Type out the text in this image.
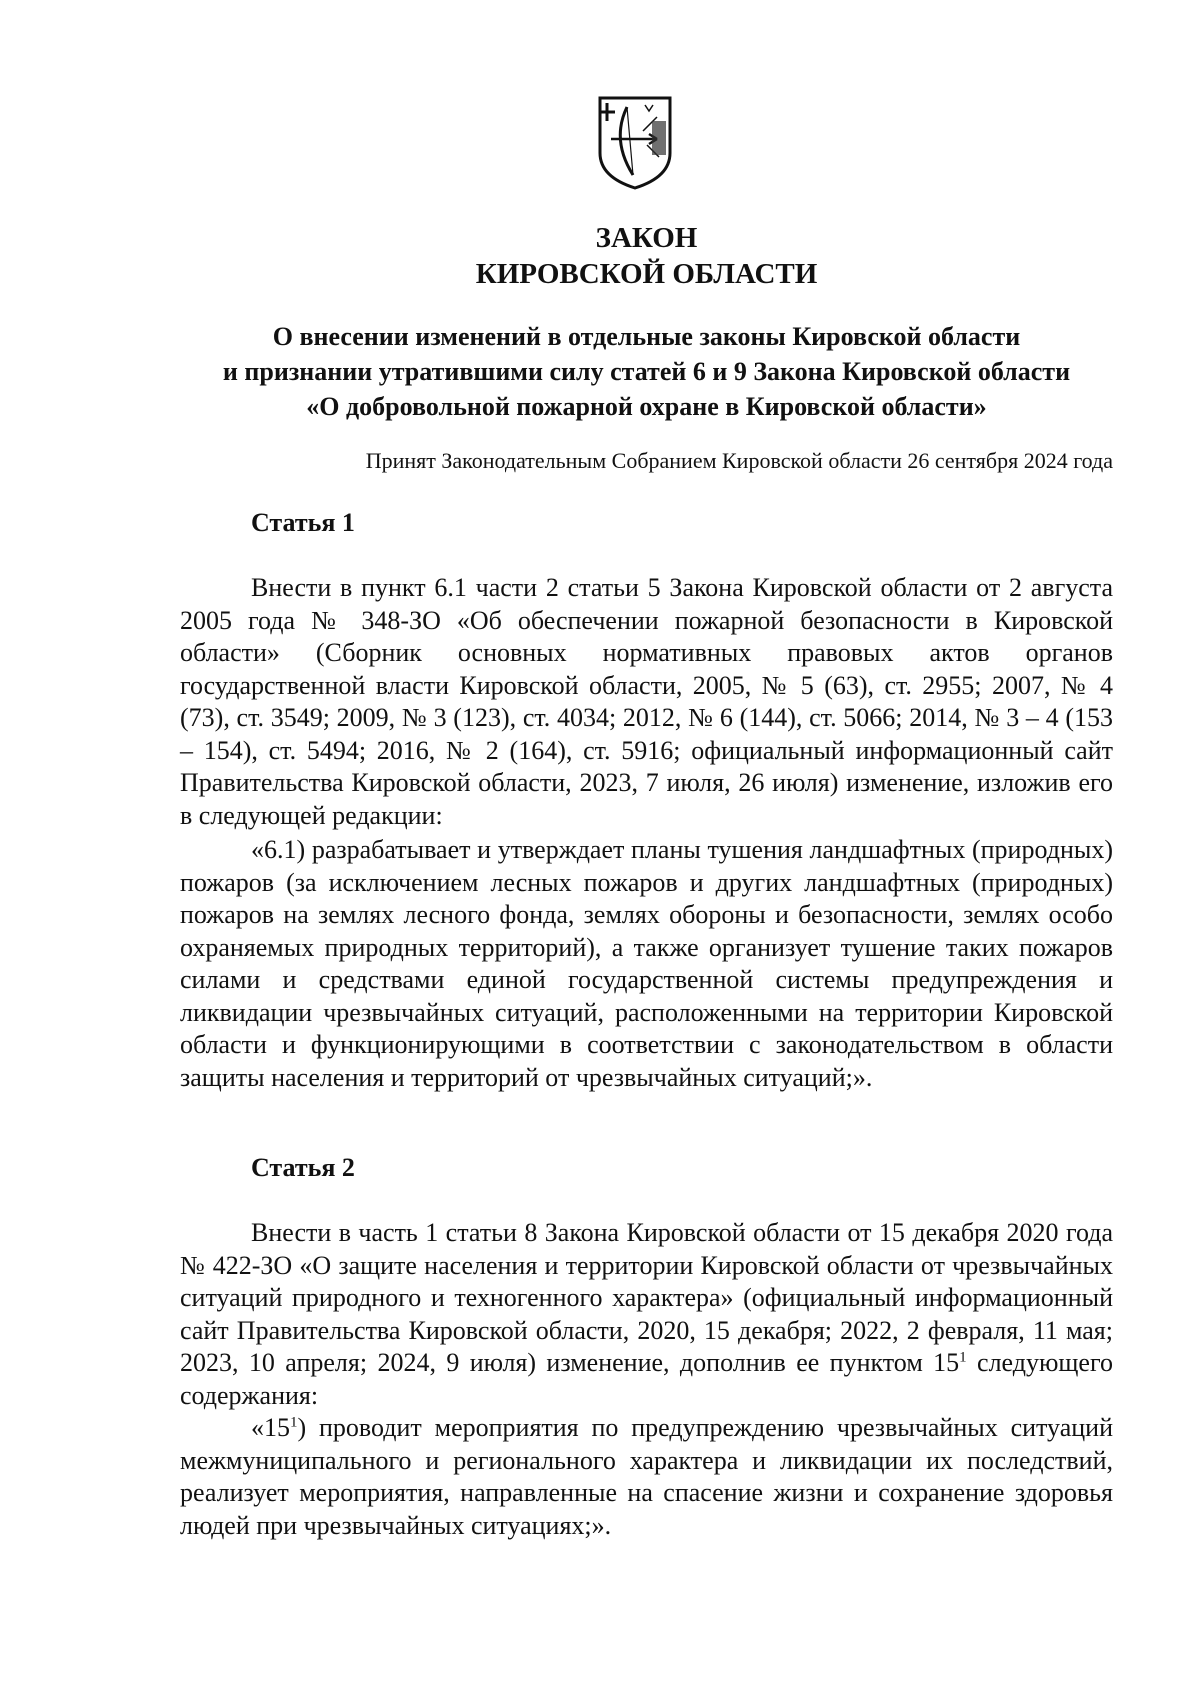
ЗАКОН
КИРОВСКОЙ ОБЛАСТИ
О внесении изменений в отдельные законы Кировской области
и признании утратившими силу статей 6 и 9 Закона Кировской области
«О добровольной пожарной охране в Кировской области»
Принят Законодательным Собранием Кировской области 26 сентября 2024 года
Статья 1

Внести в пункт 6.1 части 2 статьи 5 Закона Кировской области от 2 августа 2005 года № 348-ЗО «Об обеспечении пожарной безопасности в Кировской области» (Сборник основных нормативных правовых актов органов государственной власти Кировской области, 2005, № 5 (63), ст. 2955; 2007, № 4 (73), ст. 3549; 2009, № 3 (123), ст. 4034; 2012, № 6 (144), ст. 5066; 2014, № 3 – 4 (153 – 154), ст. 5494; 2016, № 2 (164), ст. 5916; официальный информационный сайт Правительства Кировской области, 2023, 7 июля, 26 июля) изменение, изложив его в следующей редакции:

«6.1) разрабатывает и утверждает планы тушения ландшафтных (природных) пожаров (за исключением лесных пожаров и других ландшафтных (природных) пожаров на землях лесного фонда, землях обороны и безопасности, землях особо охраняемых природных территорий), а также организует тушение таких пожаров силами и средствами единой государственной системы предупреждения и ликвидации чрезвычайных ситуаций, расположенными на территории Кировской области и функционирующими в соответствии с законодательством в области защиты населения и территорий от чрезвычайных ситуаций;».

Статья 2

Внести в часть 1 статьи 8 Закона Кировской области от 15 декабря 2020 года № 422-ЗО «О защите населения и территории Кировской области от чрезвычайных ситуаций природного и техногенного характера» (официальный информационный сайт Правительства Кировской области, 2020, 15 декабря; 2022, 2 февраля, 11 мая; 2023, 10 апреля; 2024, 9 июля) изменение, дополнив ее пунктом $15^1$ следующего содержания:

«$15^1$) проводит мероприятия по предупреждению чрезвычайных ситуаций межмуниципального и регионального характера и ликвидации их последствий, реализует мероприятия, направленные на спасение жизни и сохранение здоровья людей при чрезвычайных ситуациях;».
